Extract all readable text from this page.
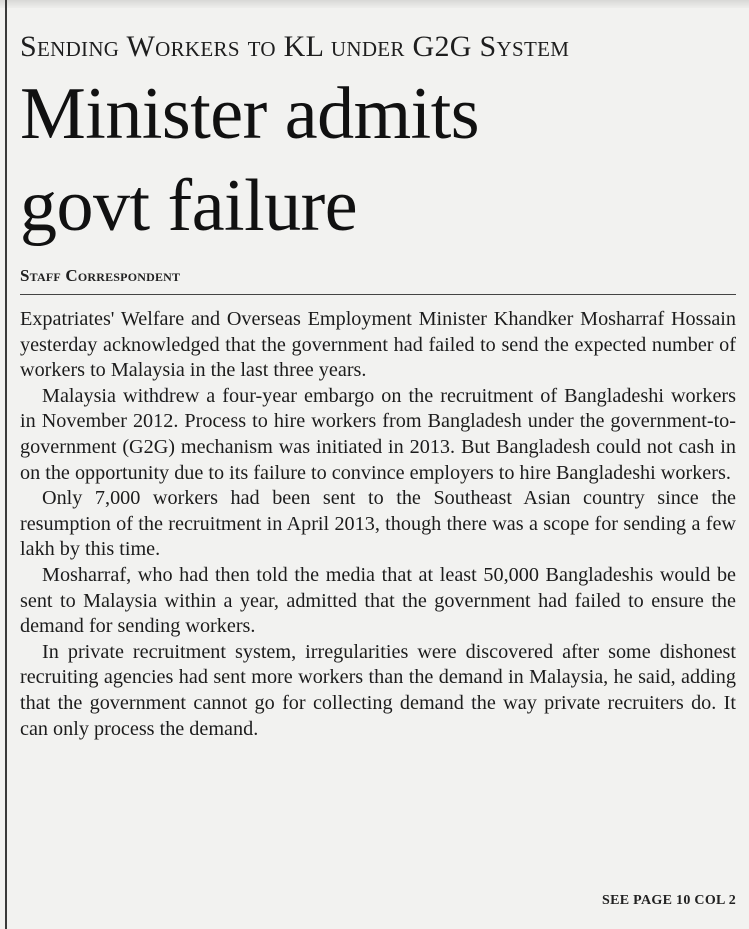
Sending Workers to KL under G2G System
Minister admits
govt failure
Staff Correspondent

Expatriates' Welfare and Overseas Employment Minister Khandker Mosharraf Hossain yesterday acknowledged that the government had failed to send the expected number of workers to Malaysia in the last three years.

Malaysia withdrew a four-year embargo on the recruitment of Bangladeshi workers in November 2012. Process to hire workers from Bangladesh under the government-to-government (G2G) mechanism was initiated in 2013. But Bangladesh could not cash in on the opportunity due to its failure to convince employers to hire Bangladeshi workers.

Only 7,000 workers had been sent to the Southeast Asian country since the resumption of the recruitment in April 2013, though there was a scope for sending a few lakh by this time.

Mosharraf, who had then told the media that at least 50,000 Bangladeshis would be sent to Malaysia within a year, admitted that the government had failed to ensure the demand for sending workers.

In private recruitment system, irregularities were discovered after some dishonest recruiting agencies had sent more workers than the demand in Malaysia, he said, adding that the government cannot go for collecting demand the way private recruiters do. It can only process the demand.

SEE PAGE 10 COL 2
